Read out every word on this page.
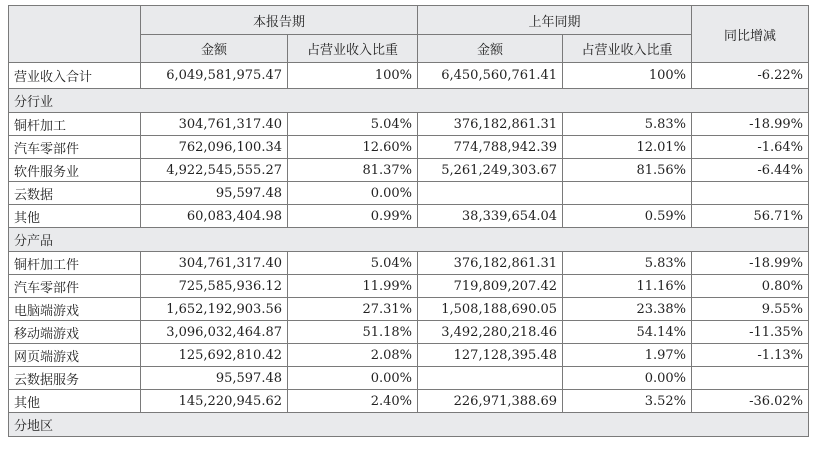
	本报告期		上年同期		同比增减
	金额	占营业收入比重	金额	占营业收入比重	
营业收入合计	6,049,581,975.47	100%	6,450,560,761.41	100%	-6.22%
分行业					
铜杆加工	304,761,317.40	5.04%	376,182,861.31	5.83%	-18.99%
汽车零部件	762,096,100.34	12.60%	774,788,942.39	12.01%	-1.64%
软件服务业	4,922,545,555.27	81.37%	5,261,249,303.67	81.56%	-6.44%
云数据	95,597.48	0.00%			
其他	60,083,404.98	0.99%	38,339,654.04	0.59%	56.71%
分产品					
铜杆加工件	304,761,317.40	5.04%	376,182,861.31	5.83%	-18.99%
汽车零部件	725,585,936.12	11.99%	719,809,207.42	11.16%	0.80%
电脑端游戏	1,652,192,903.56	27.31%	1,508,188,690.05	23.38%	9.55%
移动端游戏	3,096,032,464.87	51.18%	3,492,280,218.46	54.14%	-11.35%
网页端游戏	125,692,810.42	2.08%	127,128,395.48	1.97%	-1.13%
云数据服务	95,597.48	0.00%		0.00%	
其他	145,220,945.62	2.40%	226,971,388.69	3.52%	-36.02%
分地区					
